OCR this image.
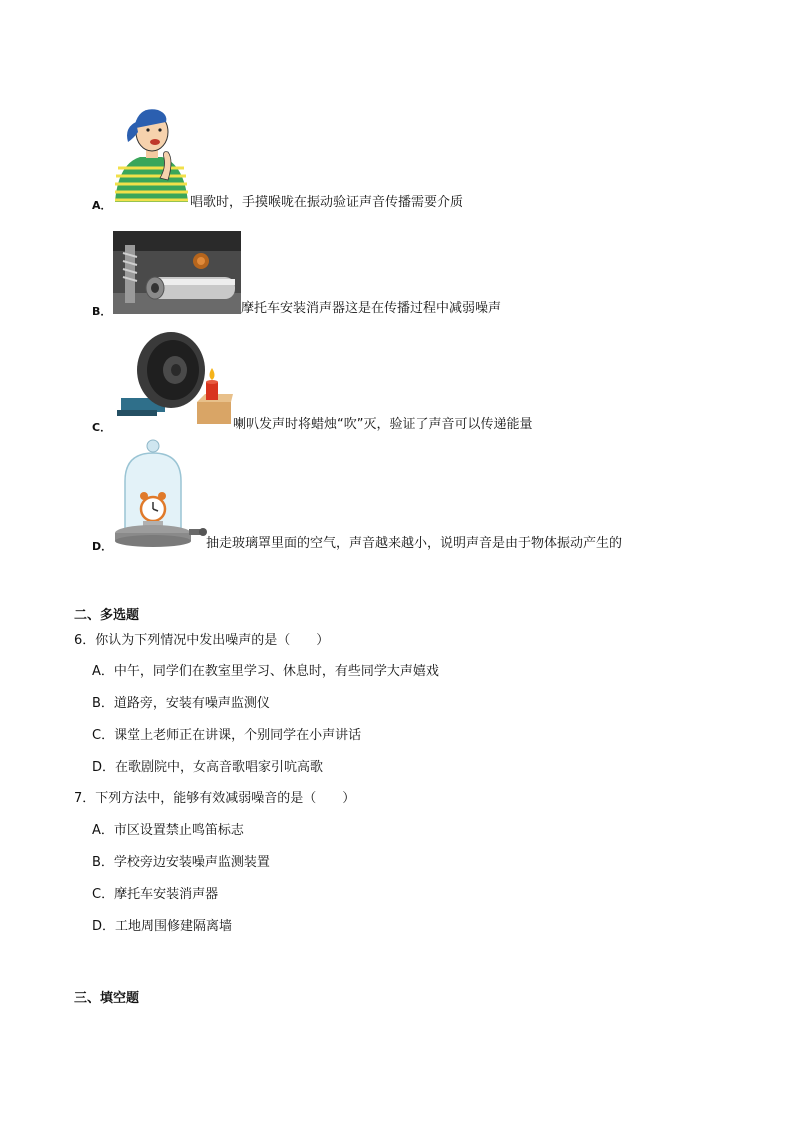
A．	唱歌时，手摸喉咙在振动验证声音传播需要介质
B．	摩托车安装消声器这是在传播过程中减弱噪声
C．	喇叭发声时将蜡烛“吹”灭，验证了声音可以传递能量
D．	抽走玻璃罩里面的空气，声音越来越小，说明声音是由于物体振动产生的
二、多选题
6．你认为下列情况中发出噪声的是（　　）
A．中午，同学们在教室里学习、休息时，有些同学大声嬉戏
B．道路旁，安装有噪声监测仪
C．课堂上老师正在讲课，个别同学在小声讲话
D．在歌剧院中，女高音歌唱家引吭高歌
7．下列方法中，能够有效减弱噪音的是（　　）
A．市区设置禁止鸣笛标志
B．学校旁边安装噪声监测装置
C．摩托车安装消声器
D．工地周围修建隔离墙
三、填空题
